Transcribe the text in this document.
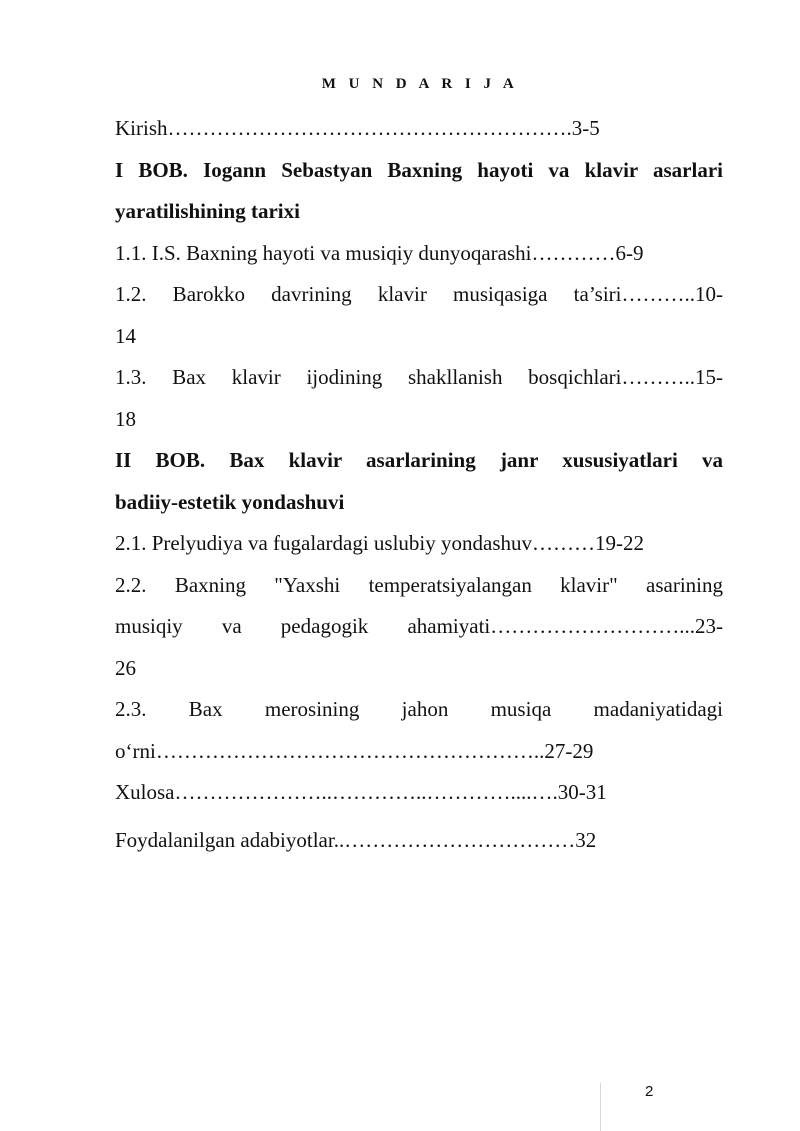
M U N D A R I J A
Kirish………………………………………………….3-5
I BOB. Iogann Sebastyan Baxning hayoti va klavir asarlari
yaratilishining tarixi
1.1. I.S. Baxning hayoti va musiqiy dunyoqarashi…………6-9
1.2. Barokko davrining klavir musiqasiga ta’siri………..10-
14
1.3. Bax klavir ijodining shakllanish bosqichlari………..15-
18
II BOB. Bax klavir asarlarining janr xususiyatlari va
badiiy-estetik yondashuvi
2.1. Prelyudiya va fugalardagi uslubiy yondashuv………19-22
2.2. Baxning "Yaxshi temperatsiyalangan klavir" asarining
musiqiy va pedagogik ahamiyati………………………...23-
26
2.3. Bax merosining jahon musiqa madaniyatidagi
o‘rni………………………………………………..27-29
Xulosa…………………..…………..…………....….30-31
Foydalanilgan adabiyotlar..……………………………32
2
